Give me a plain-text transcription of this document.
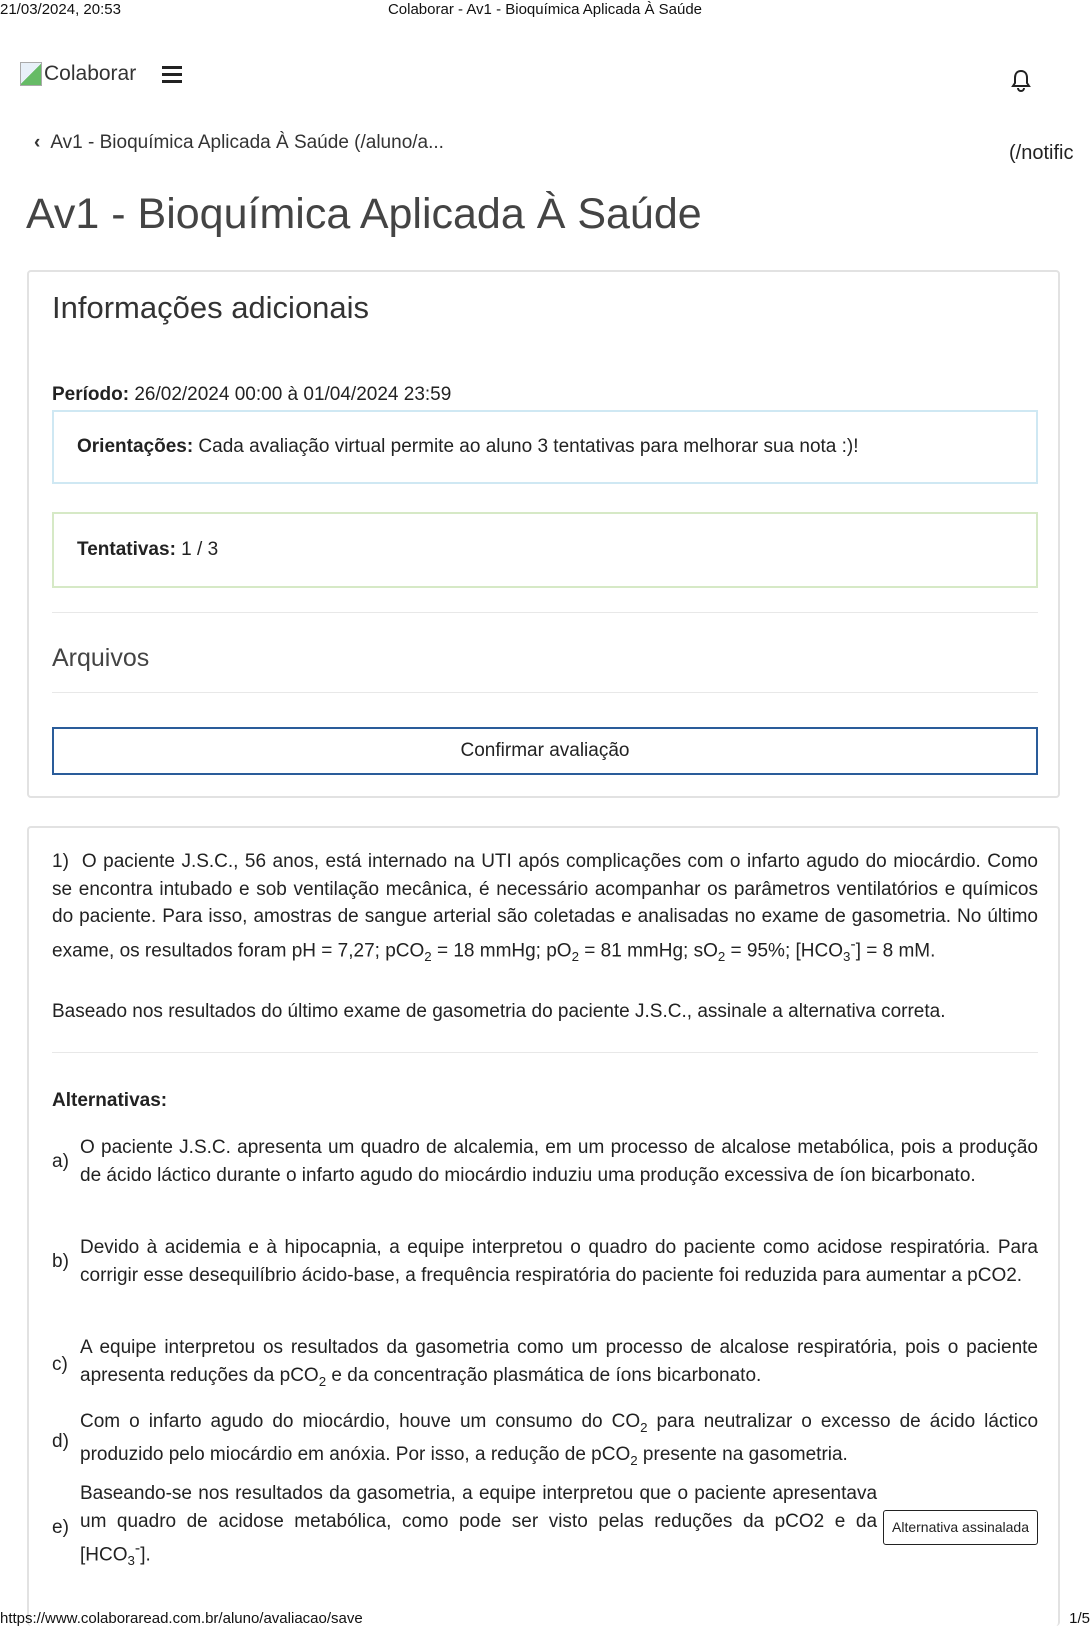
21/03/2024, 20:53	Colaborar - Av1 - Bioquímica Aplicada À Saúde
Colaborar
‹ Av1 - Bioquímica Aplicada À Saúde (/aluno/a...	(/notific
Av1 - Bioquímica Aplicada À Saúde
Informações adicionais
Período: 26/02/2024 00:00 à 01/04/2024 23:59
Orientações: Cada avaliação virtual permite ao aluno 3 tentativas para melhorar sua nota :)!
Tentativas: 1 / 3
Arquivos
Confirmar avaliação
1) O paciente J.S.C., 56 anos, está internado na UTI após complicações com o infarto agudo do miocárdio. Como se encontra intubado e sob ventilação mecânica, é necessário acompanhar os parâmetros ventilatórios e químicos do paciente. Para isso, amostras de sangue arterial são coletadas e analisadas no exame de gasometria. No último exame, os resultados foram pH = 7,27; pCO$_2$ = 18 mmHg; $pO_2 = 81$ mmHg; $sO_2 = 95\%$; $[HCO_3^-] = 8$ mM.
Baseado nos resultados do último exame de gasometria do paciente J.S.C., assinale a alternativa correta.
Alternativas:
a)
O paciente J.S.C. apresenta um quadro de alcalemia, em um processo de alcalose metabólica, pois a produção de ácido láctico durante o infarto agudo do miocárdio induziu uma produção excessiva de íon bicarbonato.
b)
Devido à acidemia e à hipocapnia, a equipe interpretou o quadro do paciente como acidose respiratória. Para corrigir esse desequilíbrio ácido-base, a frequência respiratória do paciente foi reduzida para aumentar a pCO2.
c)
A equipe interpretou os resultados da gasometria como um processo de alcalose respiratória, pois o paciente apresenta reduções da pCO$_2$ e da concentração plasmática de íons bicarbonato.
d)
Com o infarto agudo do miocárdio, houve um consumo do $CO_2$ para neutralizar o excesso de ácido láctico produzido pelo miocárdio em anóxia. Por isso, a redução de pCO$_2$ presente na gasometria.
e)
Baseando-se nos resultados da gasometria, a equipe interpretou que o paciente apresentava um quadro de acidose metabólica, como pode ser visto pelas reduções da pCO2 e da $[HCO_3^-]$.
Alternativa assinalada
https://www.colaboraread.com.br/aluno/avaliacao/save	1/5
